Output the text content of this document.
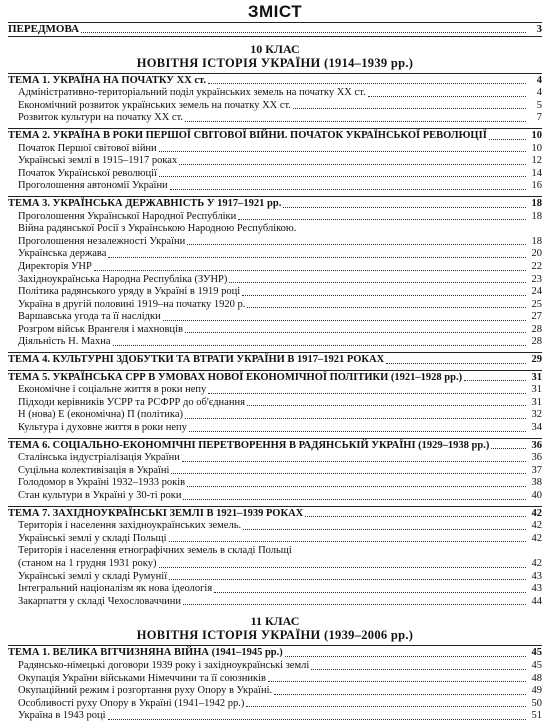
ЗМІСТ
ПЕРЕДМОВА	3
10 КЛАС
НОВІТНЯ ІСТОРІЯ УКРАЇНИ (1914–1939 рр.)
ТЕМА 1. УКРАЇНА НА ПОЧАТКУ ХХ ст.	4
Адміністративно-територіальний поділ українських земель на початку ХХ ст.	4
Економічний розвиток українських земель на початку ХХ ст.	5
Розвиток культури на початку ХХ ст.	7
ТЕМА 2. УКРАЇНА В РОКИ ПЕРШОЇ СВІТОВОЇ ВІЙНИ. ПОЧАТОК УКРАЇНСЬКОЇ РЕВОЛЮЦІЇ	10
Початок Першої світової війни	10
Українські землі в 1915–1917 роках	12
Початок Української революції	14
Проголошення автономії України	16
ТЕМА 3. УКРАЇНСЬКА ДЕРЖАВНІСТЬ У 1917–1921 рр.	18
Проголошення Української Народної Республіки	18
Війна радянської Росії з Українською Народною Республікою.
Проголошення незалежності України	18
Українська держава	20
Директорія УНР	22
Західноукраїнська Народна Республіка (ЗУНР)	23
Політика радянського уряду в Україні в 1919 році	24
Україна в другій половині 1919–на початку 1920 р.	25
Варшавська угода та її наслідки	27
Розгром військ Врангеля і махновців	28
Діяльність Н. Махна	28
ТЕМА 4. КУЛЬТУРНІ ЗДОБУТКИ ТА ВТРАТИ УКРАЇНИ В 1917–1921 РОКАХ	29
ТЕМА 5. УКРАЇНСЬКА СРР В УМОВАХ НОВОЇ ЕКОНОМІЧНОЇ ПОЛІТИКИ (1921–1928 рр.)	31
Економічне і соціальне життя в роки непу	31
Підходи керівників УСРР та РСФРР до об'єднання	31
Н (нова) Е (економічна) П (політика)	32
Культура і духовне життя в роки непу	34
ТЕМА 6. СОЦІАЛЬНО-ЕКОНОМІЧНІ ПЕРЕТВОРЕННЯ В РАДЯНСЬКІЙ УКРАЇНІ (1929–1938 рр.)	36
Сталінська індустріалізація України	36
Суцільна колективізація в Україні	37
Голодомор в Україні 1932–1933 років	38
Стан культури в Україні у 30-ті роки	40
ТЕМА 7. ЗАХІДНОУКРАЇНСЬКІ ЗЕМЛІ В 1921–1939 РОКАХ	42
Територія і населення західноукраїнських земель.	42
Українські землі у складі Польщі	42
Територія і населення етнографічних земель в складі Польщі
(станом на 1 грудня 1931 року)	42
Українські землі у складі Румунії	43
Інтегральний націоналізм як нова ідеологія	43
Закарпаття у складі Чехословаччини	44
11 КЛАС
НОВІТНЯ ІСТОРІЯ УКРАЇНИ (1939–2006 рр.)
ТЕМА 1. ВЕЛИКА ВІТЧИЗНЯНА ВІЙНА (1941–1945 рр.)	45
Радянсько-німецькі договори 1939 року і західноукраїнські землі	45
Окупація України військами Німеччини та її союзників	48
Окупаційний режим і розгортання руху Опору в Україні.	49
Особливості руху Опору в Україні (1941–1942 рр.)	50
Україна в 1943 році	51
